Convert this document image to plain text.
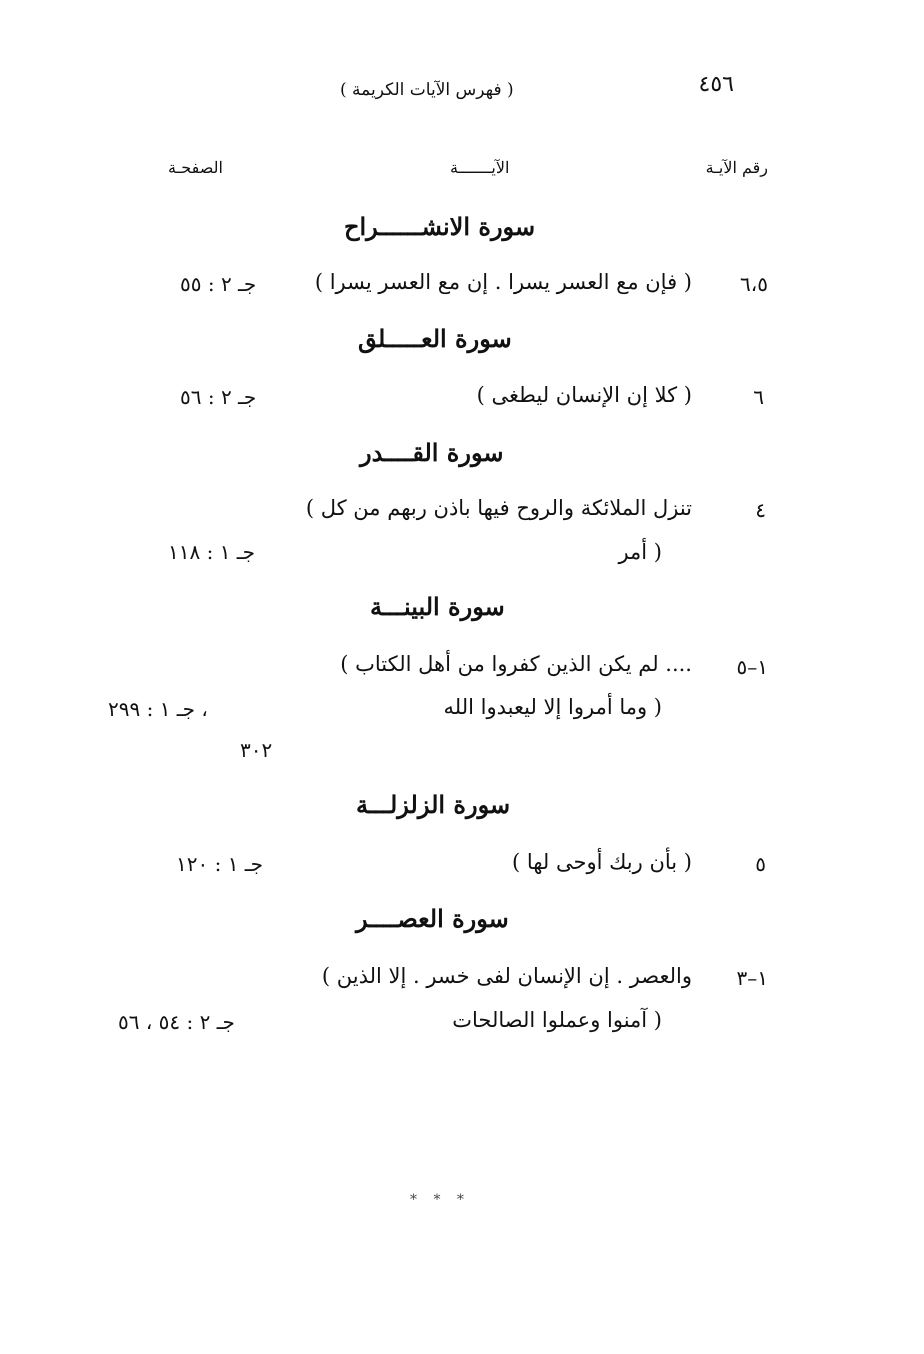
٤٥٦
( فهرس الآيات الكريمة )
رقم الآيـة
الآيـــــــة
الصفحـة
سورة الانشــــــراح
٦،٥
( فإن مع العسر يسرا . إن مع العسر يسرا )
جـ ٢ : ٥٥
سورة العـــــلق
٦
( كلا إن الإنسان ليطغى )
جـ ٢ : ٥٦
سورة القــــدر
٤
( تنزل الملائكة والروح فيها باذن ربهم من كل
أمر )
جـ ١ : ١١٨
سورة البينـــة
١–٥
( لم يكن الذين كفروا من أهل الكتاب ....
وما أمروا إلا ليعبدوا الله )
جـ ١ : ٢٩٩ ،
٣٠٢
سورة الزلزلـــة
٥
( بأن ربك أوحى لها )
جـ ١ : ١٢٠
سورة العصــــر
١–٣
( والعصر . إن الإنسان لفى خسر . إلا الذين
آمنوا وعملوا الصالحات )
جـ ٢ : ٥٤ ، ٥٦
* * *
